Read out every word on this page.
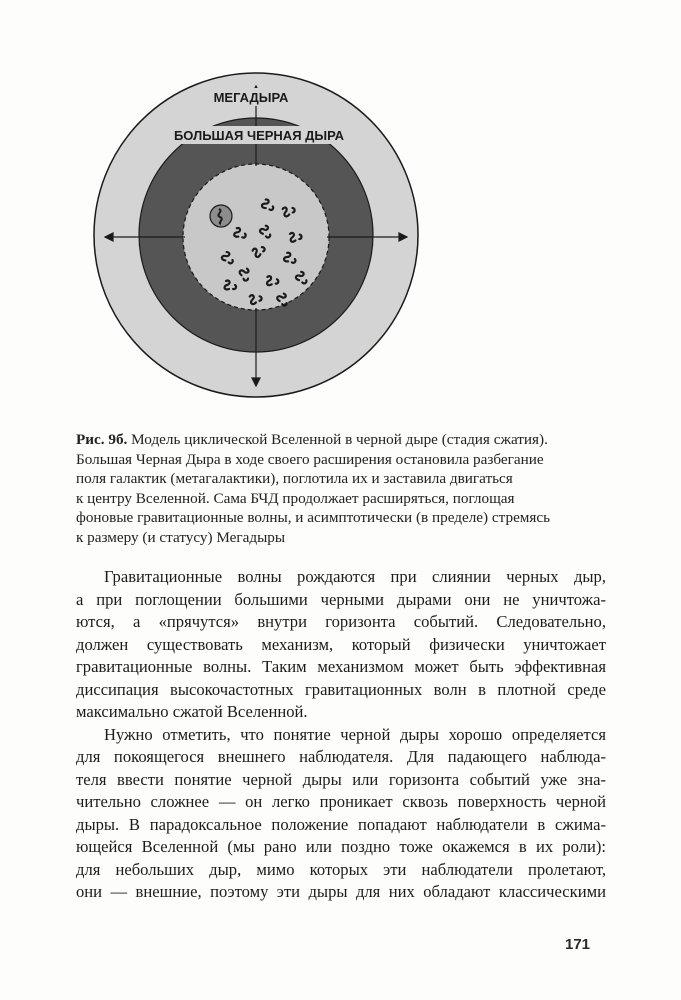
МЕГАДЫРА
БОЛЬШАЯ ЧЕРНАЯ ДЫРА
Рис. 9б. Модель циклической Вселенной в черной дыре (стадия сжатия).
Большая Черная Дыра в ходе своего расширения остановила разбегание
поля галактик (метагалактики), поглотила их и заставила двигаться
к центру Вселенной. Сама БЧД продолжает расширяться, поглощая
фоновые гравитационные волны, и асимптотически (в пределе) стремясь
к размеру (и статусу) Мегадыры
Гравитационные волны рождаются при слиянии черных дыр,
а при поглощении большими черными дырами они не уничтожа-
ются, а «прячутся» внутри горизонта событий. Следовательно,
должен существовать механизм, который физически уничтожает
гравитационные волны. Таким механизмом может быть эффективная
диссипация высокочастотных гравитационных волн в плотной среде
максимально сжатой Вселенной.
Нужно отметить, что понятие черной дыры хорошо определяется
для покоящегося внешнего наблюдателя. Для падающего наблюда-
теля ввести понятие черной дыры или горизонта событий уже зна-
чительно сложнее — он легко проникает сквозь поверхность черной
дыры. В парадоксальное положение попадают наблюдатели в сжима-
ющейся Вселенной (мы рано или поздно тоже окажемся в их роли):
для небольших дыр, мимо которых эти наблюдатели пролетают,
они — внешние, поэтому эти дыры для них обладают классическими
171
